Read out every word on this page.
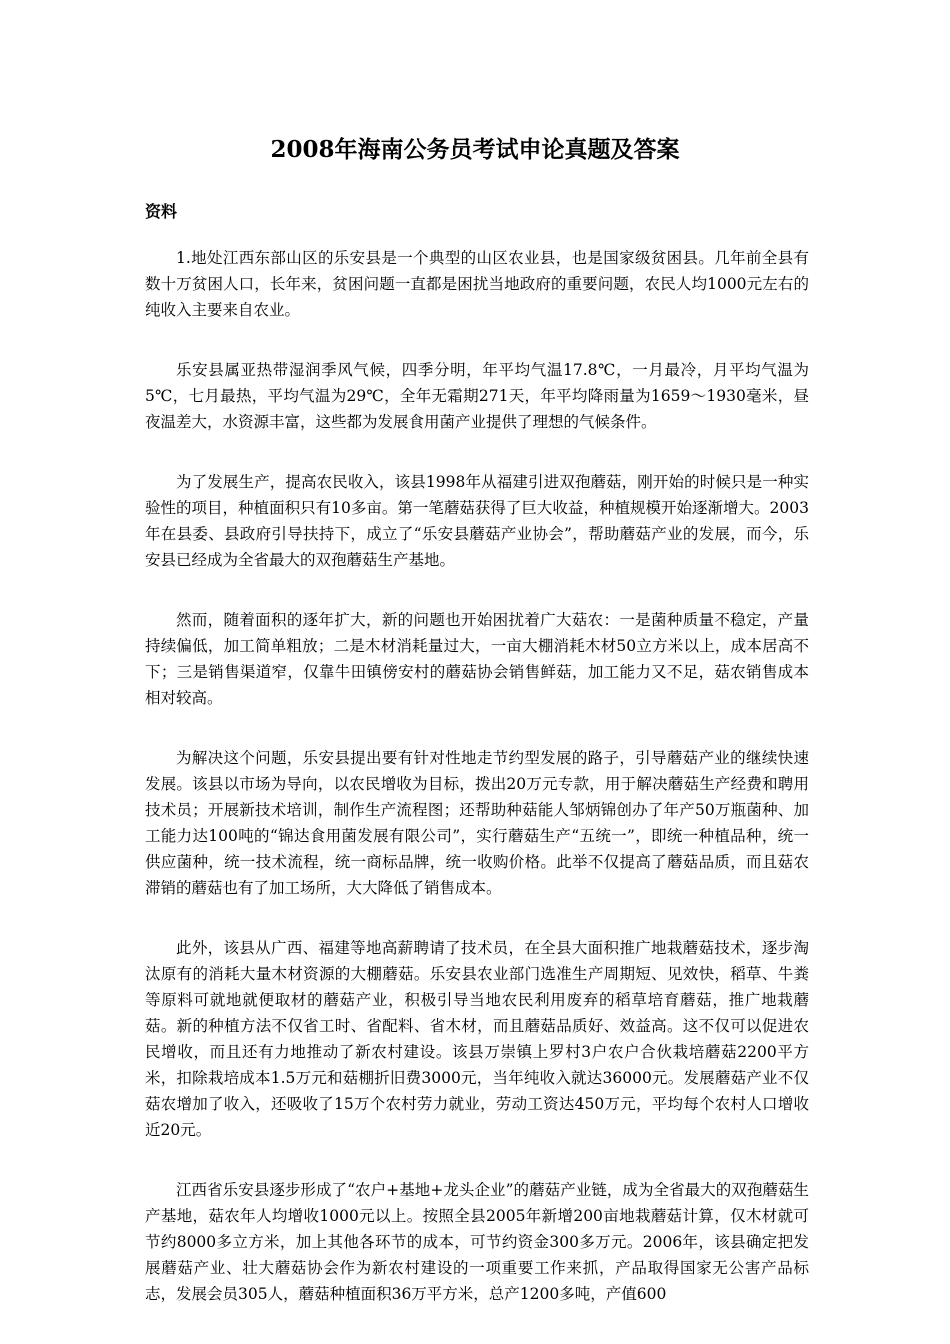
2008年海南公务员考试申论真题及答案
资料

1.地处江西东部山区的乐安县是一个典型的山区农业县，也是国家级贫困县。几年前全县有数十万贫困人口，长年来，贫困问题一直都是困扰当地政府的重要问题，农民人均1000元左右的纯收入主要来自农业。

乐安县属亚热带湿润季风气候，四季分明，年平均气温17.8℃，一月最冷，月平均气温为5℃，七月最热，平均气温为29℃，全年无霜期271天，年平均降雨量为1659～1930毫米，昼夜温差大，水资源丰富，这些都为发展食用菌产业提供了理想的气候条件。

为了发展生产，提高农民收入，该县1998年从福建引进双孢蘑菇，刚开始的时候只是一种实验性的项目，种植面积只有10多亩。第一笔蘑菇获得了巨大收益，种植规模开始逐渐增大。2003年在县委、县政府引导扶持下，成立了“乐安县蘑菇产业协会”，帮助蘑菇产业的发展，而今，乐安县已经成为全省最大的双孢蘑菇生产基地。

然而，随着面积的逐年扩大，新的问题也开始困扰着广大菇农：一是菌种质量不稳定，产量持续偏低，加工简单粗放；二是木材消耗量过大，一亩大棚消耗木材50立方米以上，成本居高不下；三是销售渠道窄，仅靠牛田镇傍安村的蘑菇协会销售鲜菇，加工能力又不足，菇农销售成本相对较高。

为解决这个问题，乐安县提出要有针对性地走节约型发展的路子，引导蘑菇产业的继续快速发展。该县以市场为导向，以农民增收为目标，拨出20万元专款，用于解决蘑菇生产经费和聘用技术员；开展新技术培训，制作生产流程图；还帮助种菇能人邹炳锦创办了年产50万瓶菌种、加工能力达100吨的“锦达食用菌发展有限公司”，实行蘑菇生产“五统一”，即统一种植品种，统一供应菌种，统一技术流程，统一商标品牌，统一收购价格。此举不仅提高了蘑菇品质，而且菇农滞销的蘑菇也有了加工场所，大大降低了销售成本。

此外，该县从广西、福建等地高薪聘请了技术员，在全县大面积推广地栽蘑菇技术，逐步淘汰原有的消耗大量木材资源的大棚蘑菇。乐安县农业部门选准生产周期短、见效快，稻草、牛粪等原料可就地就便取材的蘑菇产业，积极引导当地农民利用废弃的稻草培育蘑菇，推广地栽蘑菇。新的种植方法不仅省工时、省配料、省木材，而且蘑菇品质好、效益高。这不仅可以促进农民增收，而且还有力地推动了新农村建设。该县万崇镇上罗村3户农户合伙栽培蘑菇2200平方米，扣除栽培成本1.5万元和菇棚折旧费3000元，当年纯收入就达36000元。发展蘑菇产业不仅菇农增加了收入，还吸收了15万个农村劳力就业，劳动工资达450万元，平均每个农村人口增收近20元。

江西省乐安县逐步形成了“农户+基地+龙头企业”的蘑菇产业链，成为全省最大的双孢蘑菇生产基地，菇农年人均增收1000元以上。按照全县2005年新增200亩地栽蘑菇计算，仅木材就可节约8000多立方米，加上其他各环节的成本，可节约资金300多万元。2006年，该县确定把发展蘑菇产业、壮大蘑菇协会作为新农村建设的一项重要工作来抓，产品取得国家无公害产品标志，发展会员305人，蘑菇种植面积36万平方米，总产1200多吨，产值600
